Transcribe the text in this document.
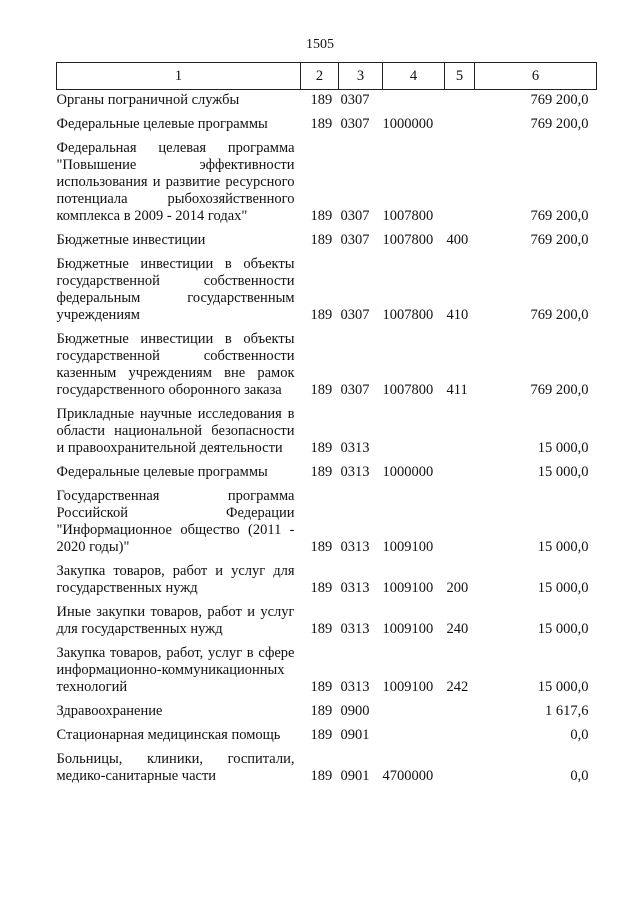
1505
1	2	3	4	5	6
Органы пограничной службы	189	0307			769 200,0
Федеральные целевые программы	189	0307	1000000		769 200,0
Федеральная целевая программа "Повышение эффективности использования и развитие ресурсного потенциала рыбохозяйственного комплекса в 2009 - 2014 годах"	189	0307	1007800		769 200,0
Бюджетные инвестиции	189	0307	1007800	400	769 200,0
Бюджетные инвестиции в объекты государственной собственности федеральным государственным учреждениям	189	0307	1007800	410	769 200,0
Бюджетные инвестиции в объекты государственной собственности казенным учреждениям вне рамок государственного оборонного заказа	189	0307	1007800	411	769 200,0
Прикладные научные исследования в области национальной безопасности и правоохранительной деятельности	189	0313			15 000,0
Федеральные целевые программы	189	0313	1000000		15 000,0
Государственная программа Российской Федерации "Информационное общество (2011 - 2020 годы)"	189	0313	1009100		15 000,0
Закупка товаров, работ и услуг для государственных нужд	189	0313	1009100	200	15 000,0
Иные закупки товаров, работ и услуг для государственных нужд	189	0313	1009100	240	15 000,0
Закупка товаров, работ, услуг в сфере информационно-коммуникационных технологий	189	0313	1009100	242	15 000,0
Здравоохранение	189	0900			1 617,6
Стационарная медицинская помощь	189	0901			0,0
Больницы, клиники, госпитали, медико-санитарные части	189	0901	4700000		0,0
